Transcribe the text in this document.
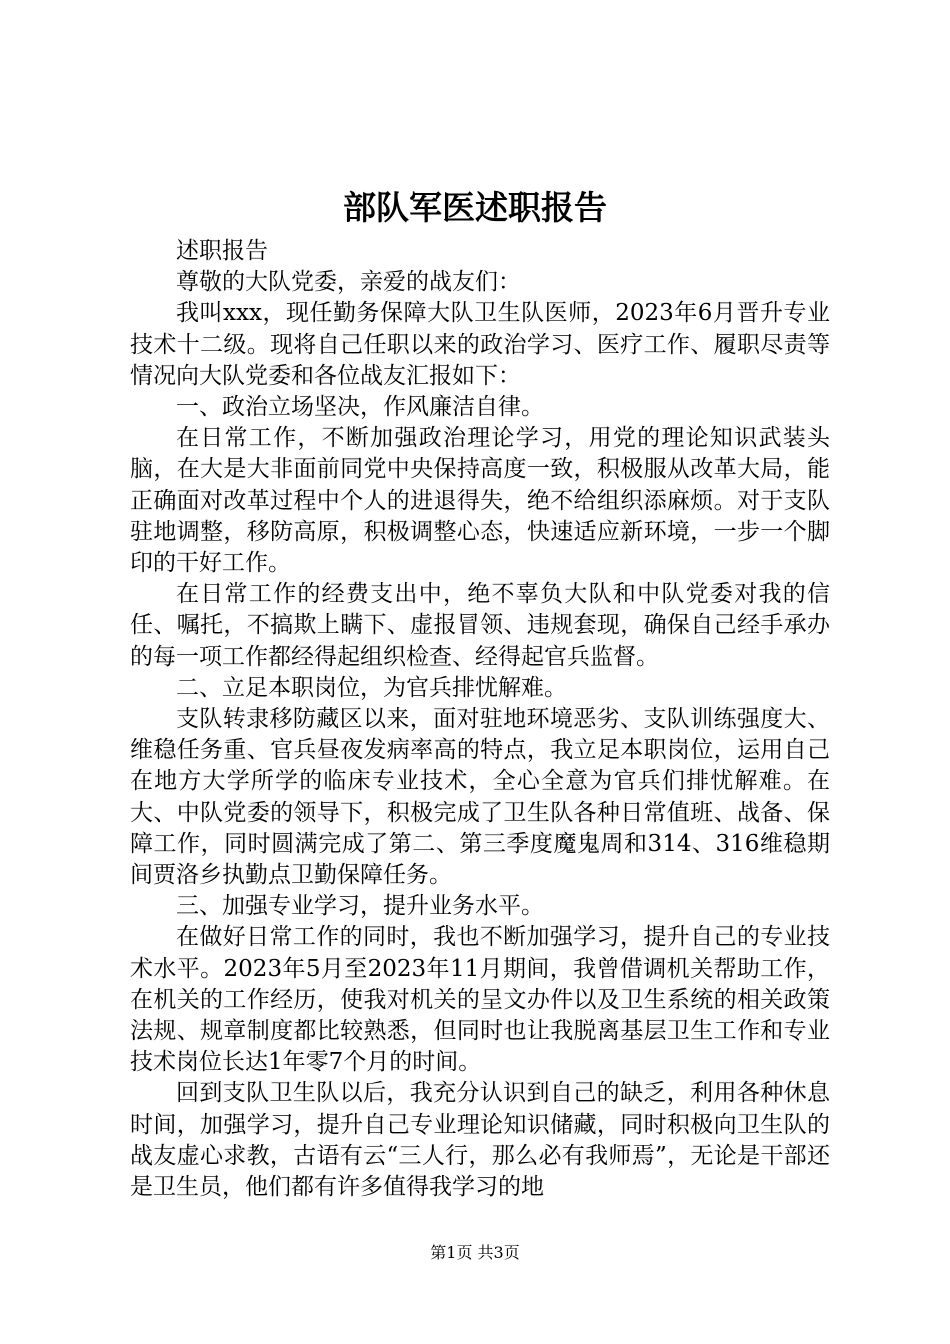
部队军医述职报告

述职报告

尊敬的大队党委，亲爱的战友们：

我叫xxx，现任勤务保障大队卫生队医师，2023年6月晋升专业技术十二级。现将自己任职以来的政治学习、医疗工作、履职尽责等情况向大队党委和各位战友汇报如下：

一、政治立场坚决，作风廉洁自律。

在日常工作，不断加强政治理论学习，用党的理论知识武装头脑，在大是大非面前同党中央保持高度一致，积极服从改革大局，能正确面对改革过程中个人的进退得失，绝不给组织添麻烦。对于支队驻地调整，移防高原，积极调整心态，快速适应新环境，一步一个脚印的干好工作。

在日常工作的经费支出中，绝不辜负大队和中队党委对我的信任、嘱托，不搞欺上瞒下、虚报冒领、违规套现，确保自己经手承办的每一项工作都经得起组织检查、经得起官兵监督。

二、立足本职岗位，为官兵排忧解难。

支队转隶移防藏区以来，面对驻地环境恶劣、支队训练强度大、维稳任务重、官兵昼夜发病率高的特点，我立足本职岗位，运用自己在地方大学所学的临床专业技术，全心全意为官兵们排忧解难。在大、中队党委的领导下，积极完成了卫生队各种日常值班、战备、保障工作，同时圆满完成了第二、第三季度魔鬼周和314、316维稳期间贾洛乡执勤点卫勤保障任务。

三、加强专业学习，提升业务水平。

在做好日常工作的同时，我也不断加强学习，提升自己的专业技术水平。2023年5月至2023年11月期间，我曾借调机关帮助工作，在机关的工作经历，使我对机关的呈文办件以及卫生系统的相关政策法规、规章制度都比较熟悉，但同时也让我脱离基层卫生工作和专业技术岗位长达1年零7个月的时间。

回到支队卫生队以后，我充分认识到自己的缺乏，利用各种休息时间，加强学习，提升自己专业理论知识储藏，同时积极向卫生队的战友虚心求教，古语有云“三人行，那么必有我师焉”，无论是干部还是卫生员，他们都有许多值得我学习的地

第1页 共3页
